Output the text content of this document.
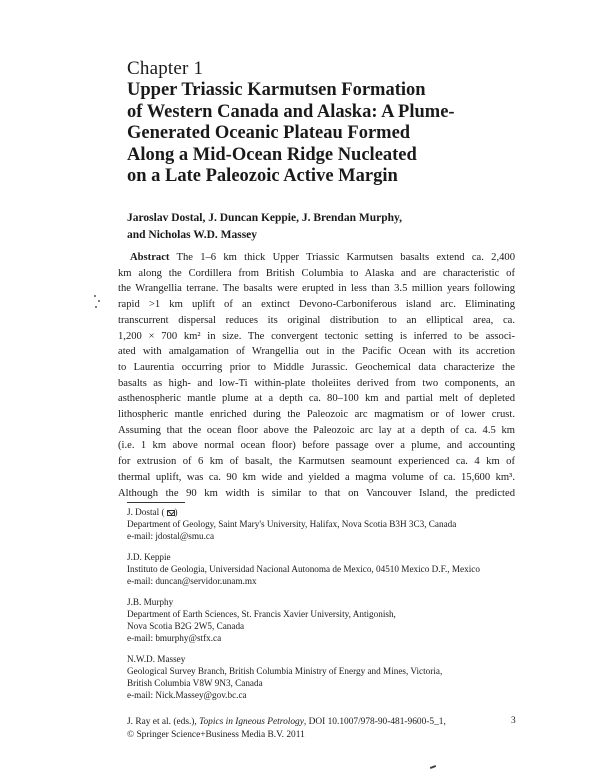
Chapter 1
Upper Triassic Karmutsen Formation
of Western Canada and Alaska: A Plume-
Generated Oceanic Plateau Formed
Along a Mid-Ocean Ridge Nucleated
on a Late Paleozoic Active Margin
Jaroslav Dostal, J. Duncan Keppie, J. Brendan Murphy,
and Nicholas W.D. Massey
Abstract The 1–6 km thick Upper Triassic Karmutsen basalts extend ca. 2,400
km along the Cordillera from British Columbia to Alaska and are characteristic of
the Wrangellia terrane. The basalts were erupted in less than 3.5 million years following
rapid >1 km uplift of an extinct Devono-Carboniferous island arc. Eliminating
transcurrent dispersal reduces its original distribution to an elliptical area, ca.
1,200 × 700 km² in size. The convergent tectonic setting is inferred to be associ-
ated with amalgamation of Wrangellia out in the Pacific Ocean with its accretion
to Laurentia occurring prior to Middle Jurassic. Geochemical data characterize the
basalts as high- and low-Ti within-plate tholeiites derived from two components, an
asthenospheric mantle plume at a depth ca. 80–100 km and partial melt of depleted
lithospheric mantle enriched during the Paleozoic arc magmatism or of lower crust.
Assuming that the ocean floor above the Paleozoic arc lay at a depth of ca. 4.5 km
(i.e. 1 km above normal ocean floor) before passage over a plume, and accounting
for extrusion of 6 km of basalt, the Karmutsen seamount experienced ca. 4 km of
thermal uplift, was ca. 90 km wide and yielded a magma volume of ca. 15,600 km³.
Although the 90 km width is similar to that on Vancouver Island, the predicted
J. Dostal ( )
Department of Geology, Saint Mary's University, Halifax, Nova Scotia B3H 3C3, Canada
e-mail: jdostal@smu.ca
J.D. Keppie
Instituto de Geologia, Universidad Nacional Autonoma de Mexico, 04510 Mexico D.F., Mexico
e-mail: duncan@servidor.unam.mx
J.B. Murphy
Department of Earth Sciences, St. Francis Xavier University, Antigonish,
Nova Scotia B2G 2W5, Canada
e-mail: bmurphy@stfx.ca
N.W.D. Massey
Geological Survey Branch, British Columbia Ministry of Energy and Mines, Victoria,
British Columbia V8W 9N3, Canada
e-mail: Nick.Massey@gov.bc.ca
J. Ray et al. (eds.), Topics in Igneous Petrology, DOI 10.1007/978-90-481-9600-5_1,
© Springer Science+Business Media B.V. 2011
3
